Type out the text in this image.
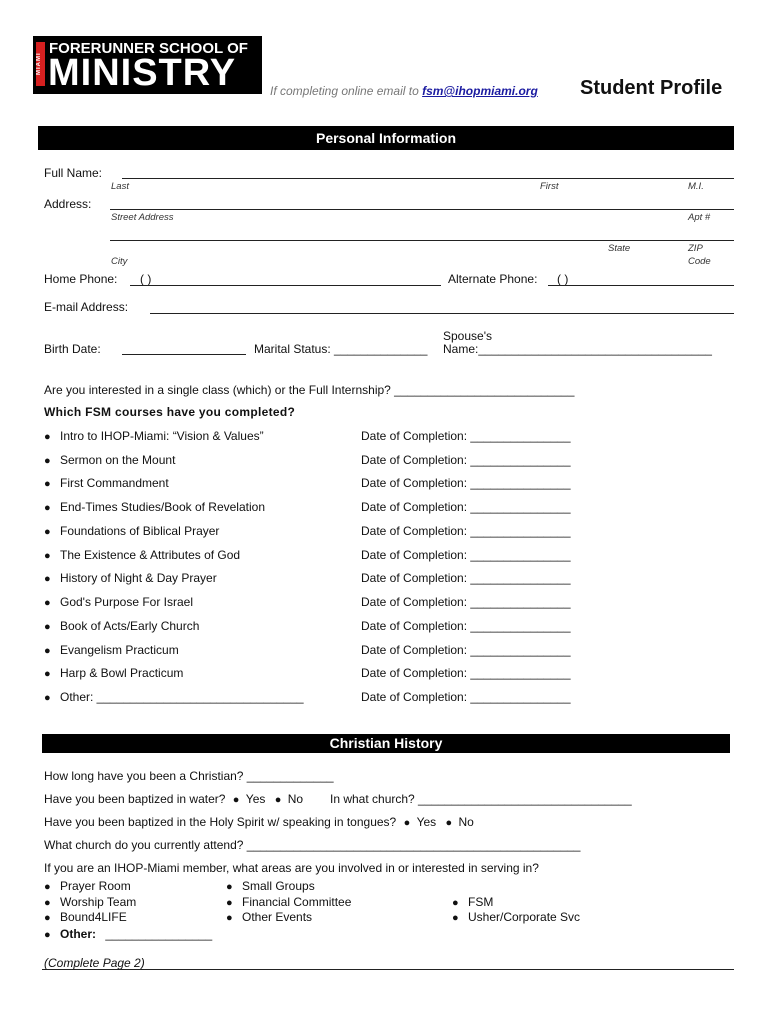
MIAMI
FORERUNNER SCHOOL OF
MINISTRY	If completing online email to fsm@ihopmiami.org Student Profile
Personal Information
Full Name:
Last	First	M.I.
Address:
Street Address	Apt #
State	ZIP
City	Code
Home Phone: ( )	Alternate Phone: ( )
E-mail Address:
Birth Date:	Marital Status: ______________
Spouse's
Name:___________________________________
Are you interested in a single class (which) or the Full Internship? ___________________________
Which FSM courses have you completed?
● Intro to IHOP-Miami: “Vision & Values”	Date of Completion: _______________
● Sermon on the Mount	Date of Completion: _______________
● First Commandment	Date of Completion: _______________
● End-Times Studies/Book of Revelation	Date of Completion: _______________
● Foundations of Biblical Prayer	Date of Completion: _______________
● The Existence & Attributes of God	Date of Completion: _______________
● History of Night & Day Prayer	Date of Completion: _______________
● God's Purpose For Israel	Date of Completion: _______________
● Book of Acts/Early Church	Date of Completion: _______________
● Evangelism Practicum	Date of Completion: _______________
● Harp & Bowl Practicum	Date of Completion: _______________
● Other: _______________________________	Date of Completion: _______________
Christian History
How long have you been a Christian? _____________
Have you been baptized in water? ● Yes ● No In what church? ________________________________
Have you been baptized in the Holy Spirit w/ speaking in tongues? ● Yes ● No
What church do you currently attend? __________________________________________________
If you are an IHOP-Miami member, what areas are you involved in or interested in serving in?
● Prayer Room
● Worship Team
● Bound4LIFE
● Small Groups
● Financial Committee
● Other Events
● FSM
● Usher/Corporate Svc
● Other: ________________
(Complete Page 2)
